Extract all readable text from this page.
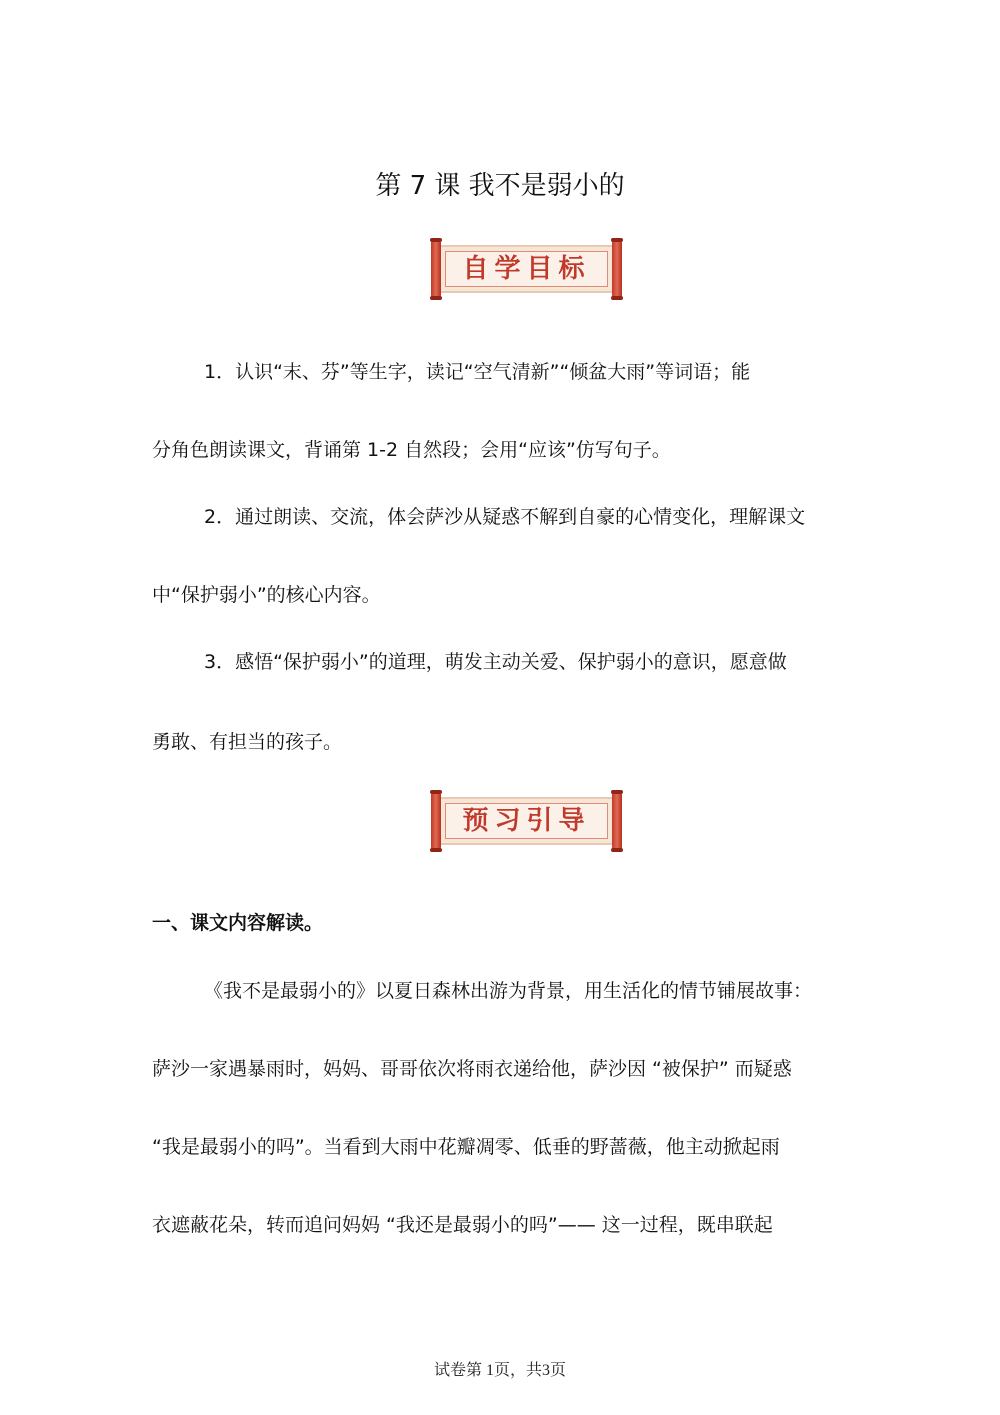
第 7 课 我不是弱小的
自学目标
1．认识“末、芬”等生字，读记“空气清新”“倾盆大雨”等词语；能
分角色朗读课文，背诵第 1-2 自然段；会用“应该”仿写句子。
2．通过朗读、交流，体会萨沙从疑惑不解到自豪的心情变化，理解课文
中“保护弱小”的核心内容。
3．感悟“保护弱小”的道理，萌发主动关爱、保护弱小的意识，愿意做
勇敢、有担当的孩子。
预习引导
一、课文内容解读。
《我不是最弱小的》以夏日森林出游为背景，用生活化的情节铺展故事：
萨沙一家遇暴雨时，妈妈、哥哥依次将雨衣递给他，萨沙因 “被保护” 而疑惑
“我是最弱小的吗”。当看到大雨中花瓣凋零、低垂的野蔷薇，他主动掀起雨
衣遮蔽花朵，转而追问妈妈 “我还是最弱小的吗”—— 这一过程，既串联起
试卷第 1页，共3页
